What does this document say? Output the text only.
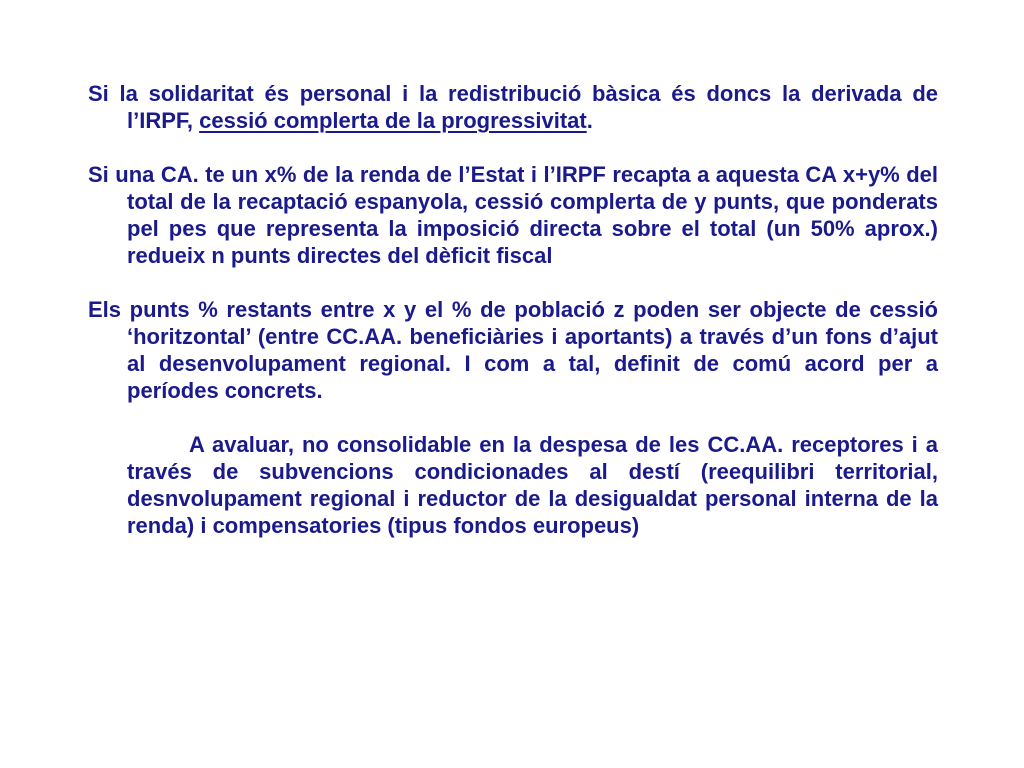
Si la solidaritat és personal i la redistribució bàsica és doncs la derivada de l’IRPF, cessió complerta de la progressivitat.

Si una CA. te un x% de la renda de l’Estat i l’IRPF recapta a aquesta CA x+y% del total de la recaptació espanyola, cessió complerta de y punts, que ponderats pel pes que representa la imposició directa sobre el total (un 50% aprox.) redueix n punts directes del dèficit fiscal

Els punts % restants entre x y el % de població z poden ser objecte de cessió ‘horitzontal’ (entre CC.AA. beneficiàries i aportants) a través d’un fons d’ajut al desenvolupament regional. I com a tal, definit de comú acord per a períodes concrets.

A avaluar, no consolidable en la despesa de les CC.AA. receptores i a través de subvencions condicionades al destí (reequilibri territorial, desnvolupament regional i reductor de la desigualdat personal interna de la renda) i compensatories (tipus fondos europeus)
